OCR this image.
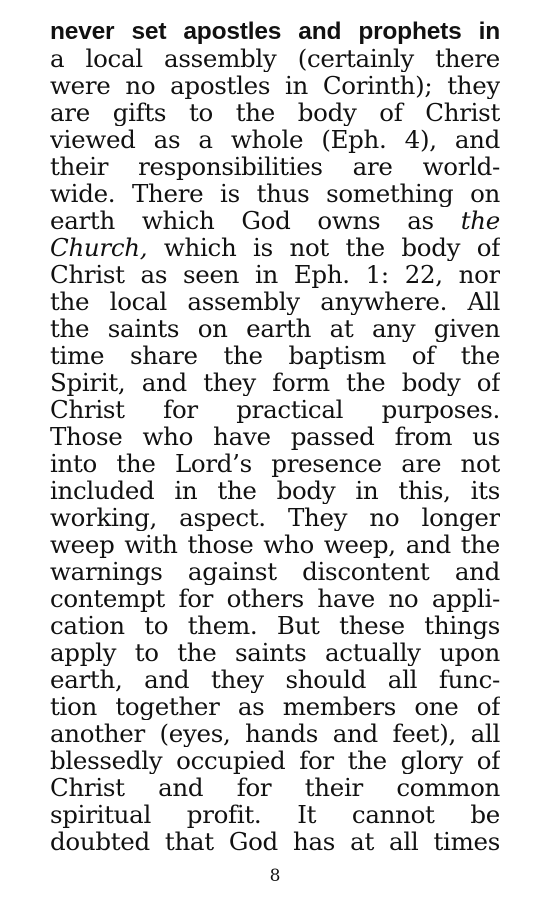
never set apostles and prophets in
a local assembly (certainly there
were no apostles in Corinth); they
are gifts to the body of Christ
viewed as a whole (Eph. 4), and
their responsibilities are world-
wide. There is thus something on
earth which God owns as the
Church, which is not the body of
Christ as seen in Eph. 1: 22, nor
the local assembly anywhere. All
the saints on earth at any given
time share the baptism of the
Spirit, and they form the body of
Christ for practical purposes.
Those who have passed from us
into the Lord’s presence are not
included in the body in this, its
working, aspect. They no longer
weep with those who weep, and the
warnings against discontent and
contempt for others have no appli-
cation to them. But these things
apply to the saints actually upon
earth, and they should all func-
tion together as members one of
another (eyes, hands and feet), all
blessedly occupied for the glory of
Christ and for their common
spiritual profit. It cannot be
doubted that God has at all times
8
